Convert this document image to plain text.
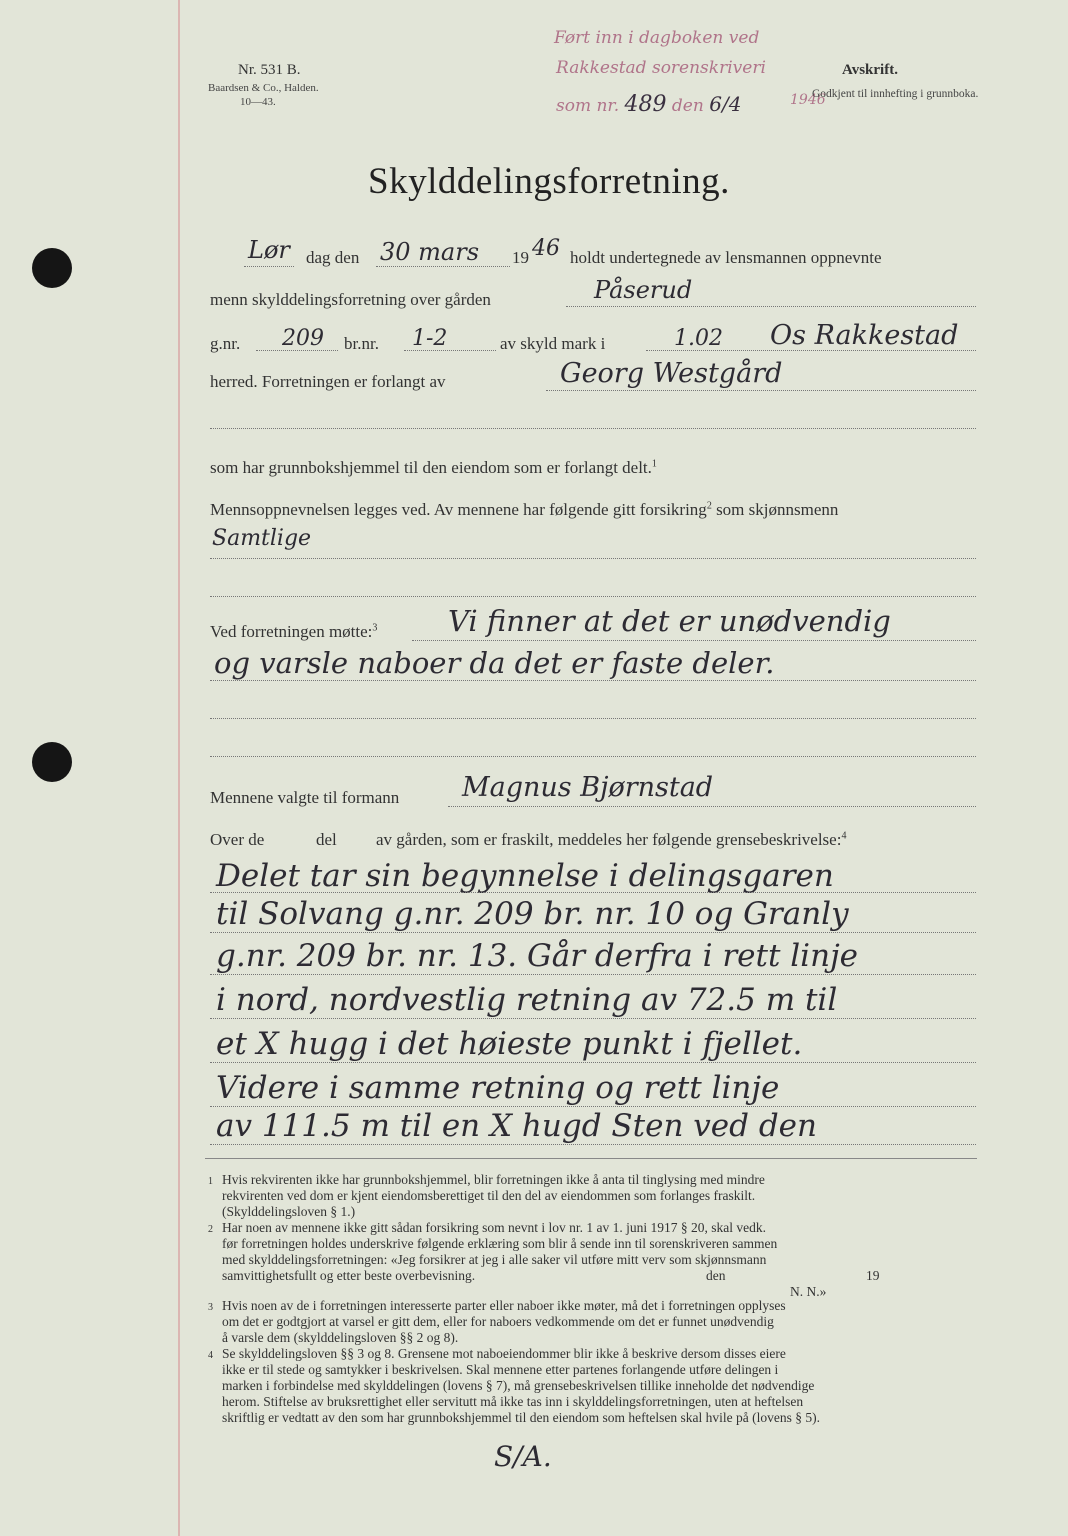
Nr. 531 B.
Baardsen & Co., Halden.
10—43.
Ført inn i dagboken ved
Rakkestad sorenskriveri
som nr. 489 den 6/4	1946
Avskrift.
Godkjent til innhefting i grunnboka.
Skylddelingsforretning.
Lør dag den 30 mars 19 46 holdt undertegnede av lensmannen oppnevnte
menn skylddelingsforretning over gården	Påserud
g.nr. 209 br.nr. 1-2	av skyld mark i	1.02 Os Rakkestad
herred. Forretningen er forlangt av	Georg Westgård
som har grunnbokshjemmel til den eiendom som er forlangt delt.$^1$
Mennsoppnevnelsen legges ved. Av mennene har følgende gitt forsikring$^2$ som skjønnsmenn
Samtlige
Ved forretningen møtte:$^3$ Vi finner at det er unødvendig
og varsle naboer da det er faste deler.
Mennene valgte til formann Magnus Bjørnstad
Over de	del av gården, som er fraskilt, meddeles her følgende grensebeskrivelse:$^4$
Delet tar sin begynnelse i delingsgaren
til Solvang g.nr. 209 br. nr. 10 og Granly
g.nr. 209 br. nr. 13. Går derfra i rett linje
i nord, nordvestlig retning av 72.5 m til
et X hugg i det høieste punkt i fjellet.
Videre i samme retning og rett linje
av 111.5 m til en X hugd Sten ved den
1 Hvis rekvirenten ikke har grunnbokshjemmel, blir forretningen ikke å anta til tinglysing med mindre
rekvirenten ved dom er kjent eiendomsberettiget til den del av eiendommen som forlanges fraskilt.
(Skylddelingsloven § 1.)
2 Har noen av mennene ikke gitt sådan forsikring som nevnt i lov nr. 1 av 1. juni 1917 § 20, skal vedk.
før forretningen holdes underskrive følgende erklæring som blir å sende inn til sorenskriveren sammen
med skylddelingsforretningen: «Jeg forsikrer at jeg i alle saker vil utføre mitt verv som skjønnsmann
samvittighetsfullt og etter beste overbevisning.	den	19
N. N.»
3 Hvis noen av de i forretningen interesserte parter eller naboer ikke møter, må det i forretningen opplyses
om det er godtgjort at varsel er gitt dem, eller for naboers vedkommende om det er funnet unødvendig
å varsle dem (skylddelingsloven §§ 2 og 8).
4 Se skylddelingsloven §§ 3 og 8. Grensene mot naboeiendommer blir ikke å beskrive dersom disses eiere
ikke er til stede og samtykker i beskrivelsen. Skal mennene etter partenes forlangende utføre delingen i
marken i forbindelse med skylddelingen (lovens § 7), må grensebeskrivelsen tillike inneholde det nødvendige
herom. Stiftelse av bruksrettighet eller servitutt må ikke tas inn i skylddelingsforretningen, uten at heftelsen
skriftlig er vedtatt av den som har grunnbokshjemmel til den eiendom som heftelsen skal hvile på (lovens § 5).
S/A.
